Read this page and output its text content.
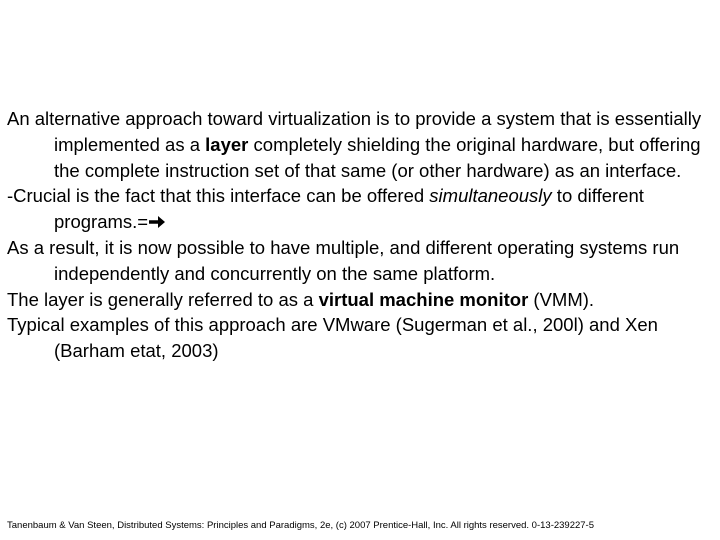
An alternative approach toward virtualization is to provide a system that is essentially implemented as a layer completely shielding the original hardware, but offering the complete instruction set of that same (or other hardware) as an interface.

-Crucial is the fact that this interface can be offered simultaneously to different programs.=

As a result, it is now possible to have multiple, and different operating systems run independently and concurrently on the same platform.

The layer is generally referred to as a virtual machine monitor (VMM).

Typical examples of this approach are VMware (Sugerman et al., 200l) and Xen (Barham etat, 2003)

Tanenbaum & Van Steen, Distributed Systems: Principles and Paradigms, 2e, (c) 2007 Prentice-Hall, Inc. All rights reserved. 0-13-239227-5
